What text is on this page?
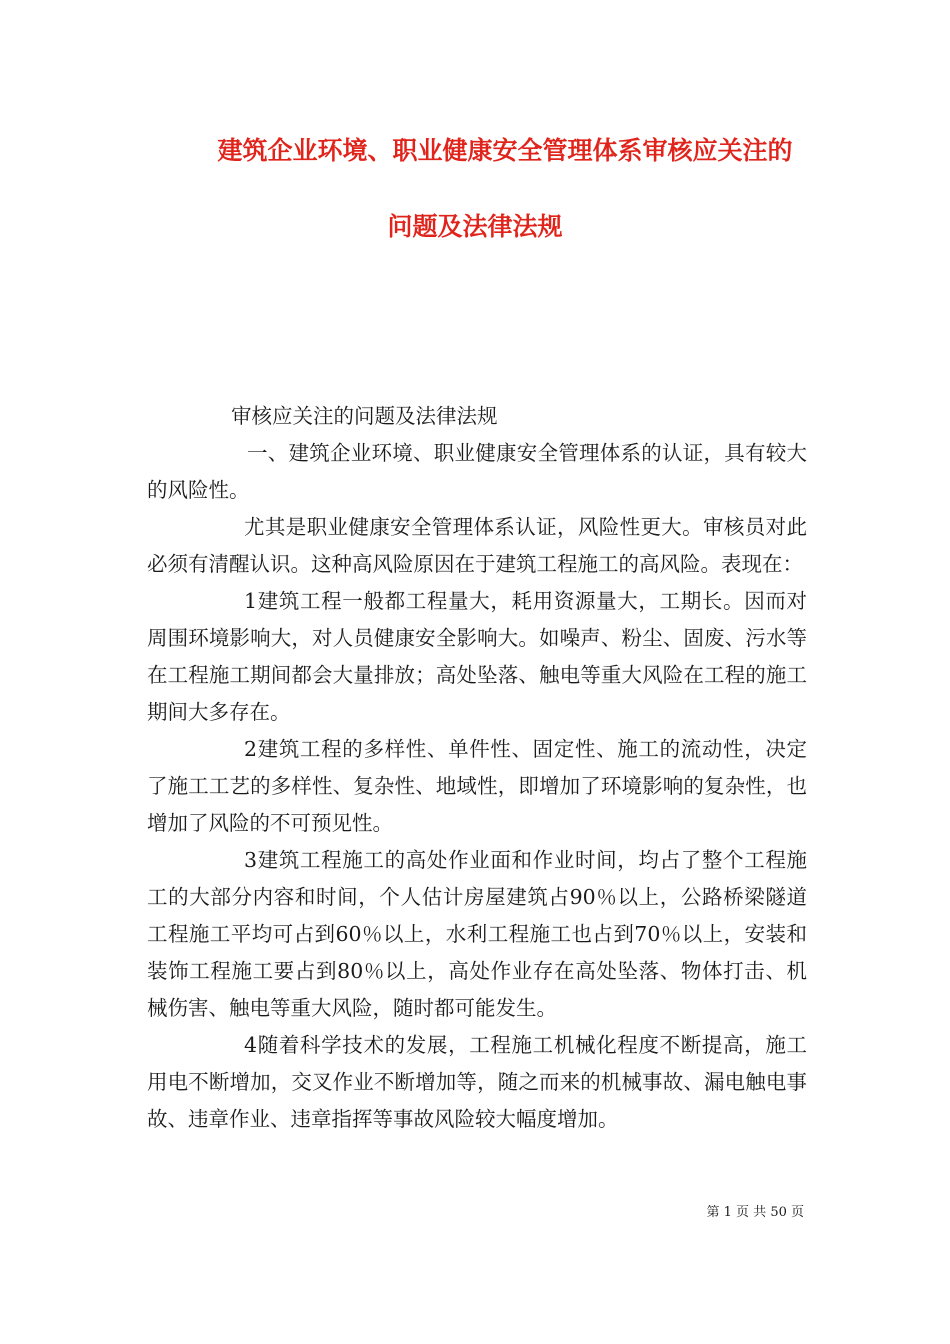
建筑企业环境、职业健康安全管理体系审核应关注的
问题及法律法规

审核应关注的问题及法律法规

一、建筑企业环境、职业健康安全管理体系的认证，具有较大的风险性。

尤其是职业健康安全管理体系认证，风险性更大。审核员对此必须有清醒认识。这种高风险原因在于建筑工程施工的高风险。表现在：

1建筑工程一般都工程量大，耗用资源量大，工期长。因而对周围环境影响大，对人员健康安全影响大。如噪声、粉尘、固废、污水等在工程施工期间都会大量排放；高处坠落、触电等重大风险在工程的施工期间大多存在。

2建筑工程的多样性、单件性、固定性、施工的流动性，决定了施工工艺的多样性、复杂性、地域性，即增加了环境影响的复杂性，也增加了风险的不可预见性。

3建筑工程施工的高处作业面和作业时间，均占了整个工程施工的大部分内容和时间，个人估计房屋建筑占90％以上，公路桥梁隧道工程施工平均可占到60％以上，水利工程施工也占到70％以上，安装和装饰工程施工要占到80％以上，高处作业存在高处坠落、物体打击、机械伤害、触电等重大风险，随时都可能发生。

4随着科学技术的发展，工程施工机械化程度不断提高，施工用电不断增加，交叉作业不断增加等，随之而来的机械事故、漏电触电事故、违章作业、违章指挥等事故风险较大幅度增加。

第 1 页 共 50 页
